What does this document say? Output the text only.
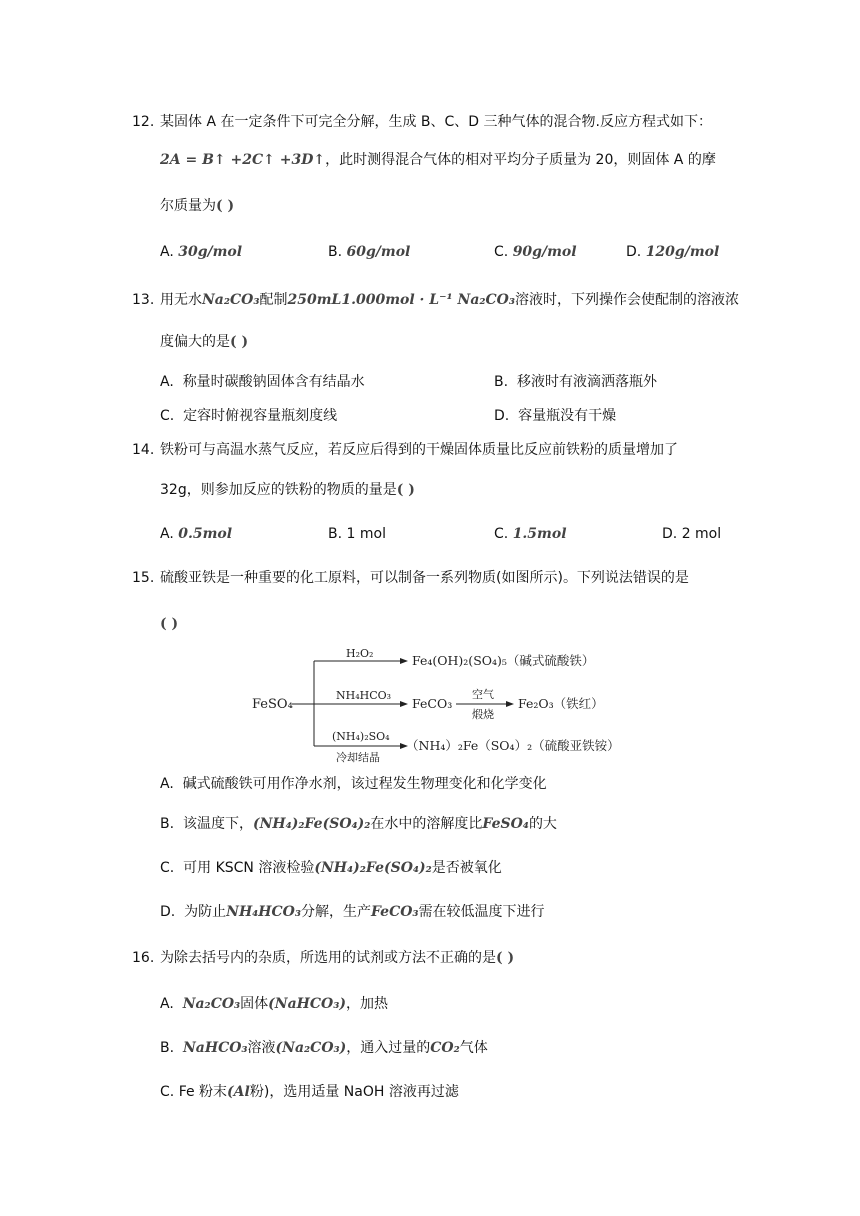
12. 某固体 A 在一定条件下可完全分解，生成 B、C、D 三种气体的混合物.反应方程式如下：
2A = B↑ +2C↑ +3D↑，此时测得混合气体的相对平均分子质量为 20，则固体 A 的摩
尔质量为( )
A. 30g/mol	B. 60g/mol	C. 90g/mol	D. 120g/mol
13. 用无水Na₂CO₃配制250mL1.000mol · L⁻¹ Na₂CO₃溶液时，下列操作会使配制的溶液浓
度偏大的是( )
A. 称量时碳酸钠固体含有结晶水	B. 移液时有液滴洒落瓶外
C. 定容时俯视容量瓶刻度线	D. 容量瓶没有干燥
14. 铁粉可与高温水蒸气反应，若反应后得到的干燥固体质量比反应前铁粉的质量增加了
32g，则参加反应的铁粉的物质的量是( )
A. 0.5mol	B. 1 mol	C. 1.5mol	D. 2 mol
15. 硫酸亚铁是一种重要的化工原料，可以制备一系列物质(如图所示)。下列说法错误的是
( )
FeSO₄
H₂O₂	Fe₄(OH)₂(SO₄)₅（碱式硫酸铁）
NH₄HCO₃
FeCO₃
空气
煅烧
Fe₂O₃（铁红）
(NH₄)₂SO₄
冷却结晶
（NH₄）₂Fe（SO₄）₂（硫酸亚铁铵）
A. 碱式硫酸铁可用作净水剂，该过程发生物理变化和化学变化
B. 该温度下，(NH₄)₂Fe(SO₄)₂在水中的溶解度比FeSO₄的大
C. 可用 KSCN 溶液检验(NH₄)₂Fe(SO₄)₂是否被氧化
D. 为防止NH₄HCO₃分解，生产FeCO₃需在较低温度下进行
16. 为除去括号内的杂质，所选用的试剂或方法不正确的是( )
A. Na₂CO₃固体(NaHCO₃)，加热
B. NaHCO₃溶液(Na₂CO₃)，通入过量的CO₂气体
C. Fe 粉末(Al粉)，选用适量 NaOH 溶液再过滤
